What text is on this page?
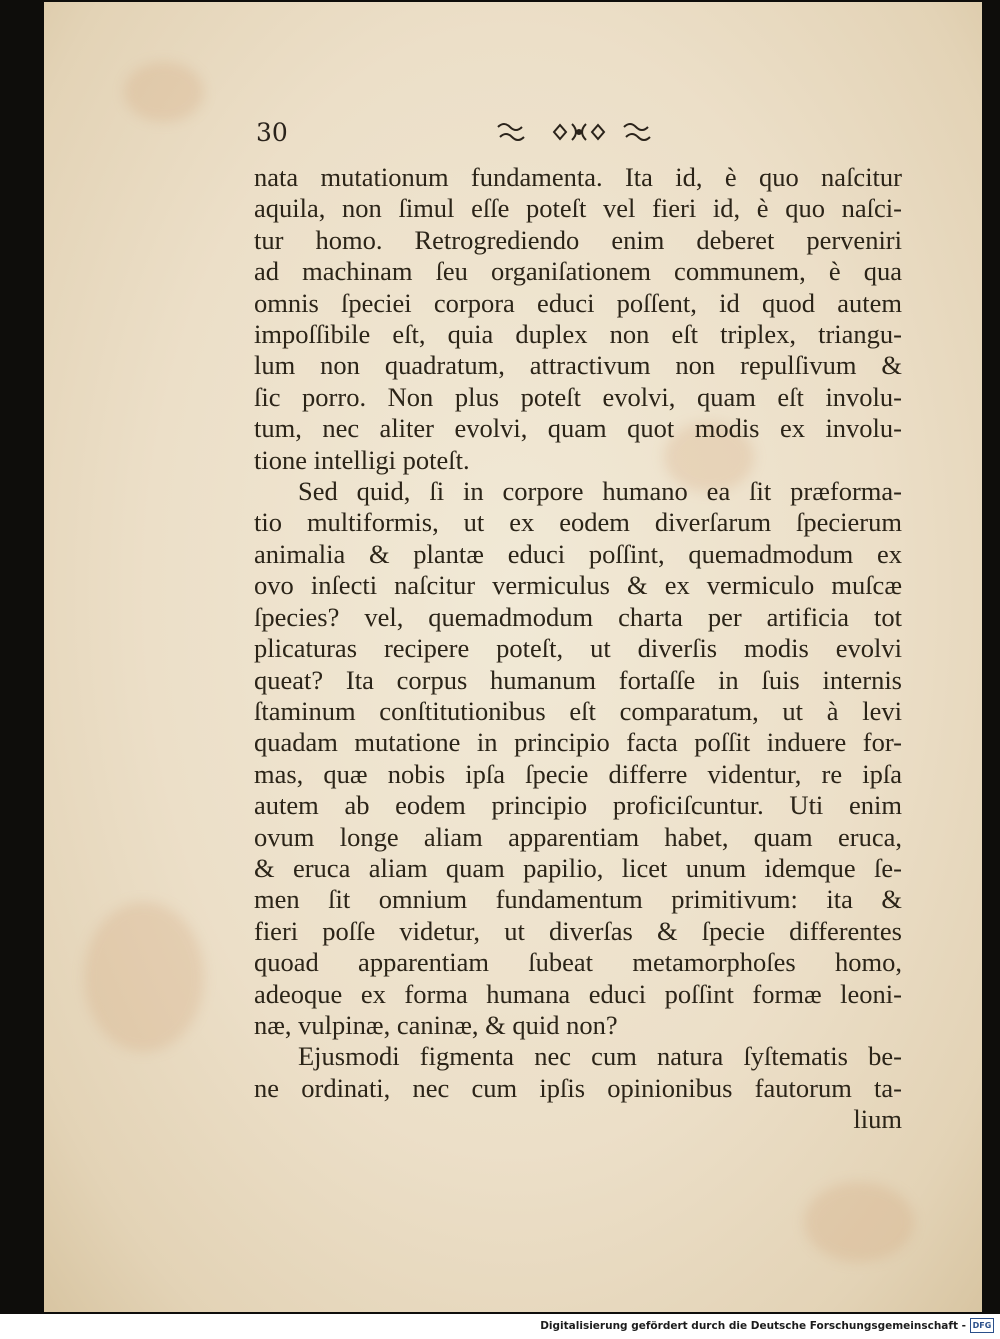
30
nata mutationum fundamenta. Ita id, è quo naſcitur
aquila, non ſimul eſſe poteſt vel fieri id, è quo naſci-
tur homo. Retrogrediendo enim deberet perveniri
ad machinam ſeu organiſationem communem, è qua
omnis ſpeciei corpora educi poſſent, id quod autem
impoſſibile eſt, quia duplex non eſt triplex, triangu-
lum non quadratum, attractivum non repulſivum &
ſic porro. Non plus poteſt evolvi, quam eſt involu-
tum, nec aliter evolvi, quam quot modis ex involu-
tione intelligi poteſt.
Sed quid, ſi in corpore humano ea ſit præforma-
tio multiformis, ut ex eodem diverſarum ſpecierum
animalia & plantæ educi poſſint, quemadmodum ex
ovo inſecti naſcitur vermiculus & ex vermiculo muſcæ
ſpecies? vel, quemadmodum charta per artificia tot
plicaturas recipere poteſt, ut diverſis modis evolvi
queat? Ita corpus humanum fortaſſe in ſuis internis
ſtaminum conſtitutionibus eſt comparatum, ut à levi
quadam mutatione in principio facta poſſit induere for-
mas, quæ nobis ipſa ſpecie differre videntur, re ipſa
autem ab eodem principio proficiſcuntur. Uti enim
ovum longe aliam apparentiam habet, quam eruca,
& eruca aliam quam papilio, licet unum idemque ſe-
men ſit omnium fundamentum primitivum: ita &
fieri poſſe videtur, ut diverſas & ſpecie differentes
quoad apparentiam ſubeat metamorphoſes homo,
adeoque ex forma humana educi poſſint formæ leoni-
næ, vulpinæ, caninæ, & quid non?
Ejusmodi figmenta nec cum natura ſyſtematis be-
ne ordinati, nec cum ipſis opinionibus fautorum ta-
lium
Digitalisierung gefördert durch die Deutsche Forschungsgemeinschaft - DFG
